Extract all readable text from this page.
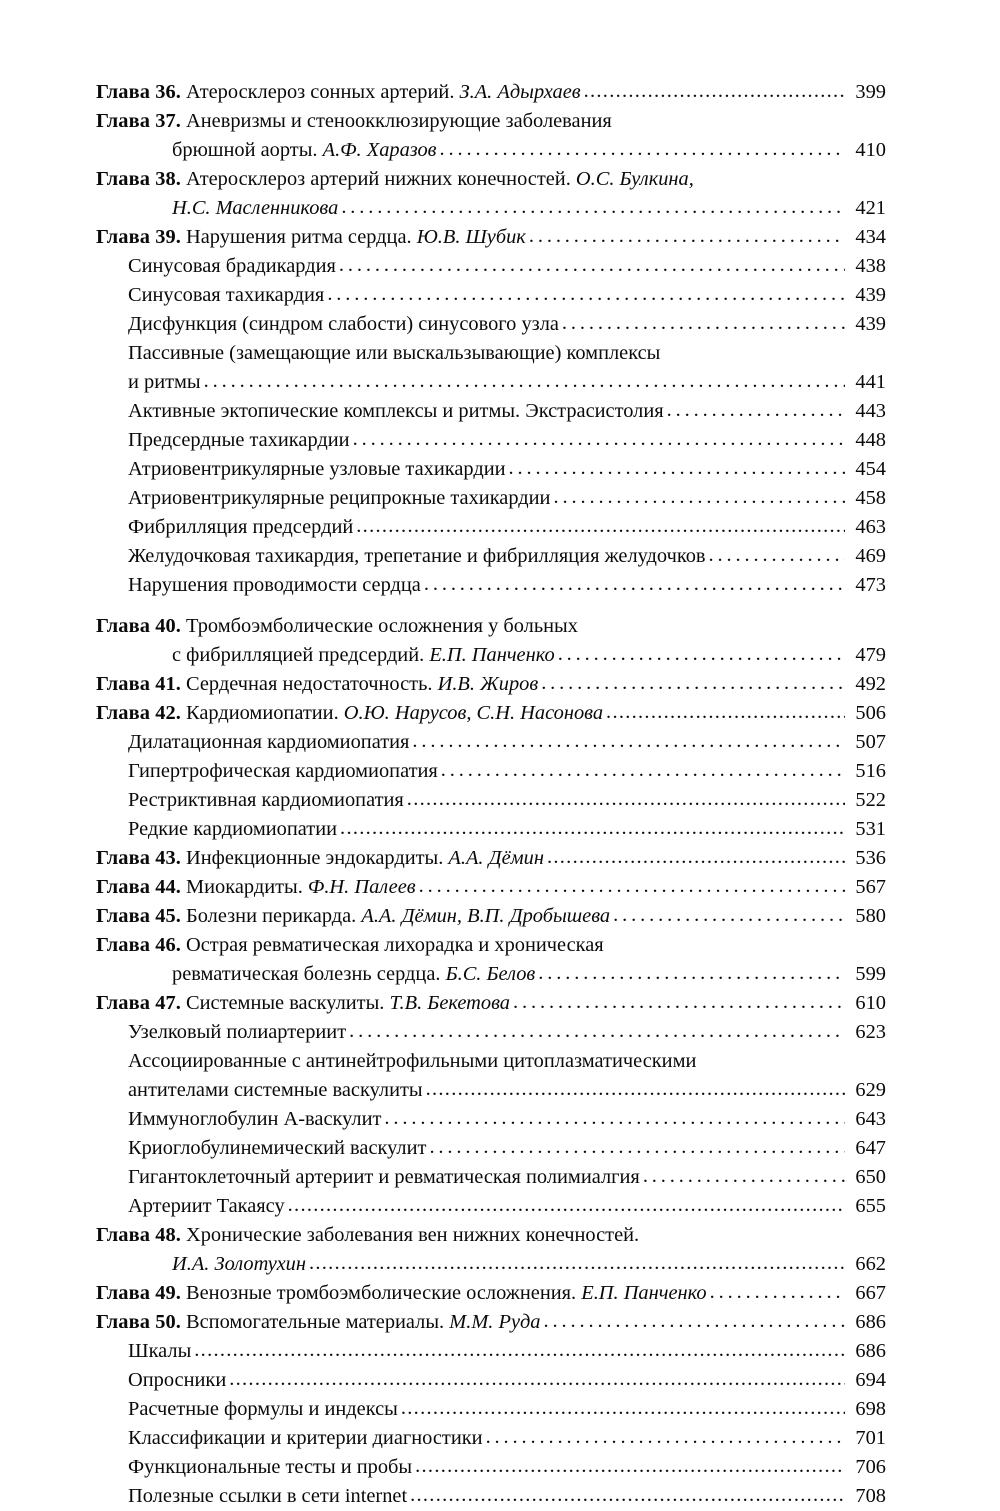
Глава 36. Атеросклероз сонных артерий. З.А. Адырхаев . . .	399
Глава 37. Аневризмы и стеноокклюзирующие заболевания
брюшной аорты. А.Ф. Харазов . . .	410
Глава 38. Атеросклероз артерий нижних конечностей. О.С. Булкина,
Н.С. Масленникова . . .	421
Глава 39. Нарушения ритма сердца. Ю.В. Шубик . . .	434
Синусовая брадикардия . . .	438
Синусовая тахикардия . . .	439
Дисфункция (синдром слабости) синусового узла . . .	439
Пассивные (замещающие или выскальзывающие) комплексы
и ритмы . . .	441
Активные эктопические комплексы и ритмы. Экстрасистолия . . .	443
Предсердные тахикардии . . .	448
Атриовентрикулярные узловые тахикардии . . .	454
Атриовентрикулярные реципрокные тахикардии . . .	458
Фибрилляция предсердий . . .	463
Желудочковая тахикардия, трепетание и фибрилляция желудочков . . .	469
Нарушения проводимости сердца . . .	473
Глава 40. Тромбоэмболические осложнения у больных
с фибрилляцией предсердий. Е.П. Панченко . . .	479
Глава 41. Сердечная недостаточность. И.В. Жиров . . .	492
Глава 42. Кардиомиопатии. О.Ю. Нарусов, С.Н. Насонова . . .	506
Дилатационная кардиомиопатия . . .	507
Гипертрофическая кардиомиопатия . . .	516
Рестриктивная кардиомиопатия . . .	522
Редкие кардиомиопатии . . .	531
Глава 43. Инфекционные эндокардиты. А.А. Дёмин . . .	536
Глава 44. Миокардиты. Ф.Н. Палеев . . .	567
Глава 45. Болезни перикарда. А.А. Дёмин, В.П. Дробышева . . .	580
Глава 46. Острая ревматическая лихорадка и хроническая
ревматическая болезнь сердца. Б.С. Белов . . .	599
Глава 47. Системные васкулиты. Т.В. Бекетова . . .	610
Узелковый полиартериит . . .	623
Ассоциированные с антинейтрофильными цитоплазматическими
антителами системные васкулиты . . .	629
Иммуноглобулин А-васкулит . . .	643
Криоглобулинемический васкулит . . .	647
Гигантоклеточный артериит и ревматическая полимиалгия . . .	650
Артериит Такаясу . . .	655
Глава 48. Хронические заболевания вен нижних конечностей.
И.А. Золотухин . . .	662
Глава 49. Венозные тромбоэмболические осложнения. Е.П. Панченко . . .	667
Глава 50. Вспомогательные материалы. М.М. Руда . . .	686
Шкалы . . .	686
Опросники . . .	694
Расчетные формулы и индексы . . .	698
Классификации и критерии диагностики . . .	701
Функциональные тесты и пробы . . .	706
Полезные ссылки в сети internet . . .	708
